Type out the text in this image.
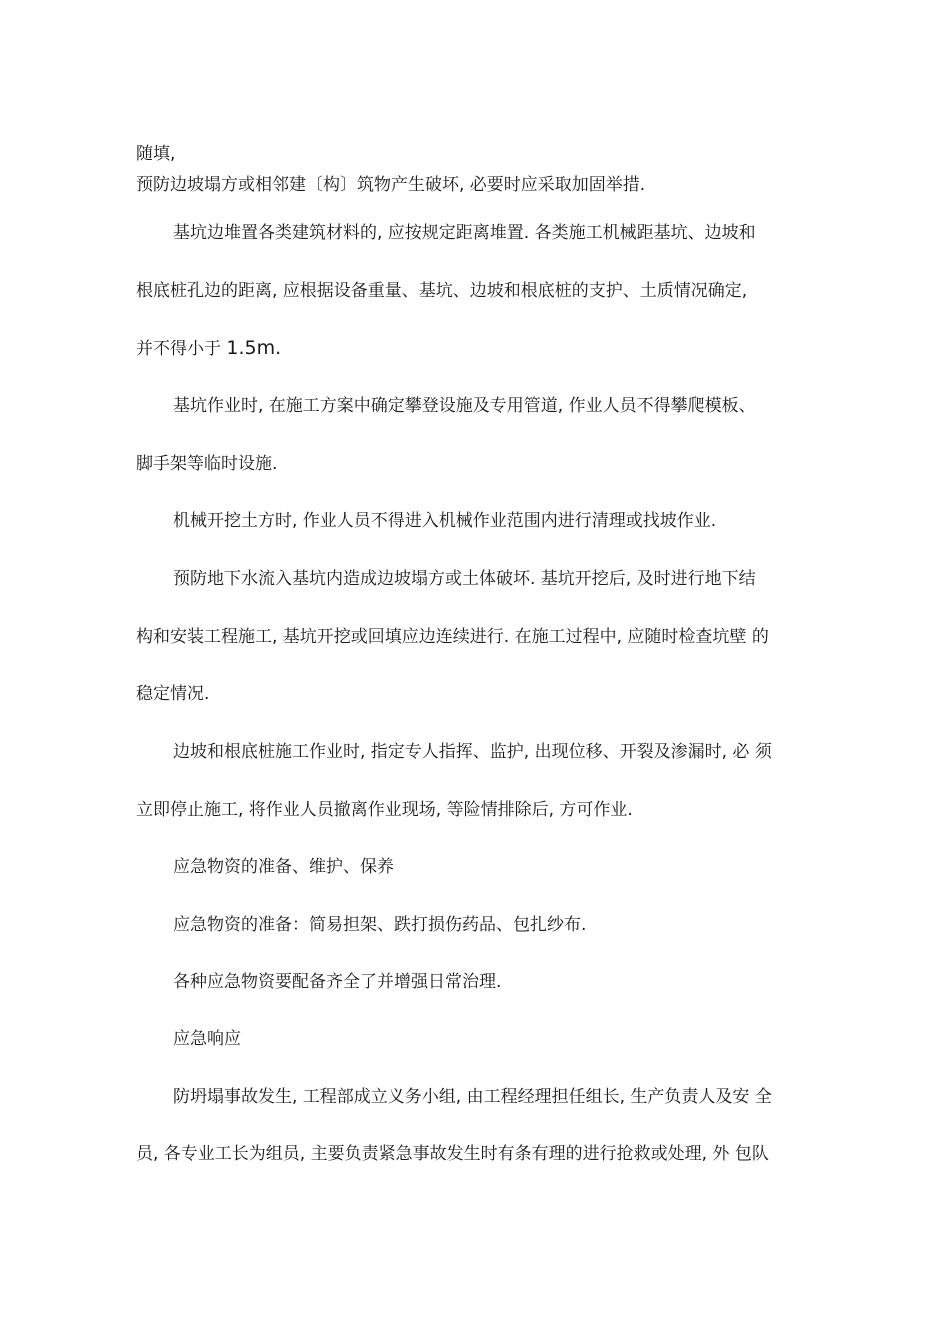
随填,
预防边坡塌方或相邻建〔构〕筑物产生破坏, 必要时应采取加固举措.
基坑边堆置各类建筑材料的, 应按规定距离堆置. 各类施工机械距基坑、边坡和
根底桩孔边的距离, 应根据设备重量、基坑、边坡和根底桩的支护、土质情况确定,
并不得小于 1.5m.
基坑作业时, 在施工方案中确定攀登设施及专用管道, 作业人员不得攀爬模板、
脚手架等临时设施.
机械开挖土方时, 作业人员不得进入机械作业范围内进行清理或找坡作业.
预防地下水流入基坑内造成边坡塌方或土体破坏. 基坑开挖后, 及时进行地下结
构和安装工程施工, 基坑开挖或回填应边连续进行. 在施工过程中, 应随时检查坑壁 的
稳定情况.
边坡和根底桩施工作业时, 指定专人指挥、监护, 出现位移、开裂及渗漏时, 必 须
立即停止施工, 将作业人员撤离作业现场, 等险情排除后, 方可作业.
应急物资的准备、维护、保养
应急物资的准备：简易担架、跌打损伤药品、包扎纱布.
各种应急物资要配备齐全了并增强日常治理.
应急响应
防坍塌事故发生, 工程部成立义务小组, 由工程经理担任组长, 生产负责人及安 全
员, 各专业工长为组员, 主要负责紧急事故发生时有条有理的进行抢救或处理, 外 包队
